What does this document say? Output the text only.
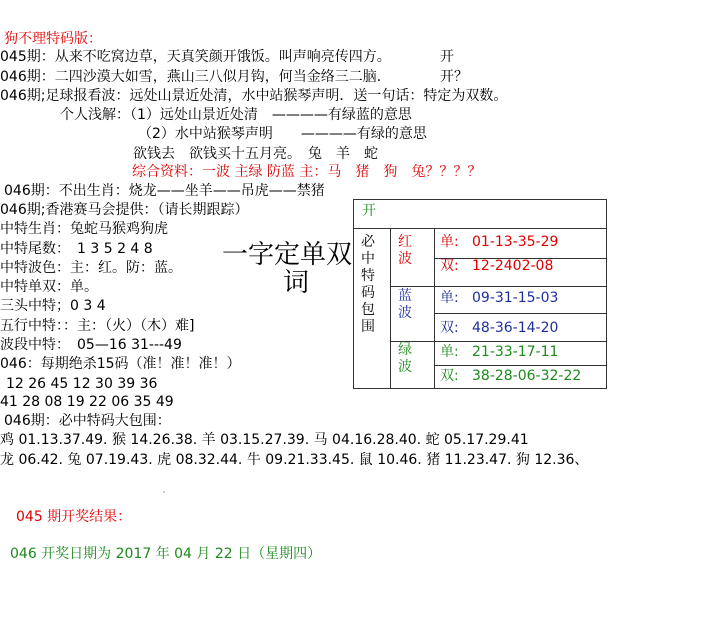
狗不理特码版：
045期：从来不吃窝边草，天真笑颜开饿饭。叫声响亮传四方。	开
046期：二四沙漠大如雪，燕山三八似月钩，何当金络三二脑．	开？
046期;足球报看波：远处山景近处清，水中站猴琴声明．送一句话：特定为双数。
个人浅解：（1）远处山景近处清　————有绿蓝的意思
（2）水中站猴琴声明　　————有绿的意思
欲钱去　欲钱买十五月亮。　兔　羊　蛇
综合资料：一波 主绿 防蓝 主：马　猪　狗　兔？？？？
046期：不出生肖：烧龙——坐羊——吊虎——禁猪
046期;香港赛马会提供：（请长期跟踪）
中特生肖：兔蛇马猴鸡狗虎
中特尾数：　1 3 5 2 4 8
中特波色：主：红。防：蓝。
中特单双：单。
三头中特；0 3 4
五行中特：：主：（火）（木）难]
波段中特：　05—16 31---49
046：每期绝杀15码（准！准！准！）
12 26 45 12 30 39 36
41 28 08 19 22 06 35 49
046期：必中特码大包围：
鸡 01.13.37.49. 猴 14.26.38. 羊 03.15.27.39. 马 04.16.28.40. 蛇 05.17.29.41
龙 06.42. 兔 07.19.43. 虎 08.32.44. 牛 09.21.33.45. 鼠 10.46. 猪 11.23.47. 狗 12.36、
一字定单双
词
045 期开奖结果：
046 开奖日期为 2017 年 04 月 22 日（星期四）
开
必中特码包围
红波
单: 01-13-35-29
双: 12-2402-08
蓝波
单: 09-31-15-03
双: 48-36-14-20
绿波
单: 21-33-17-11
双: 38-28-06-32-22
